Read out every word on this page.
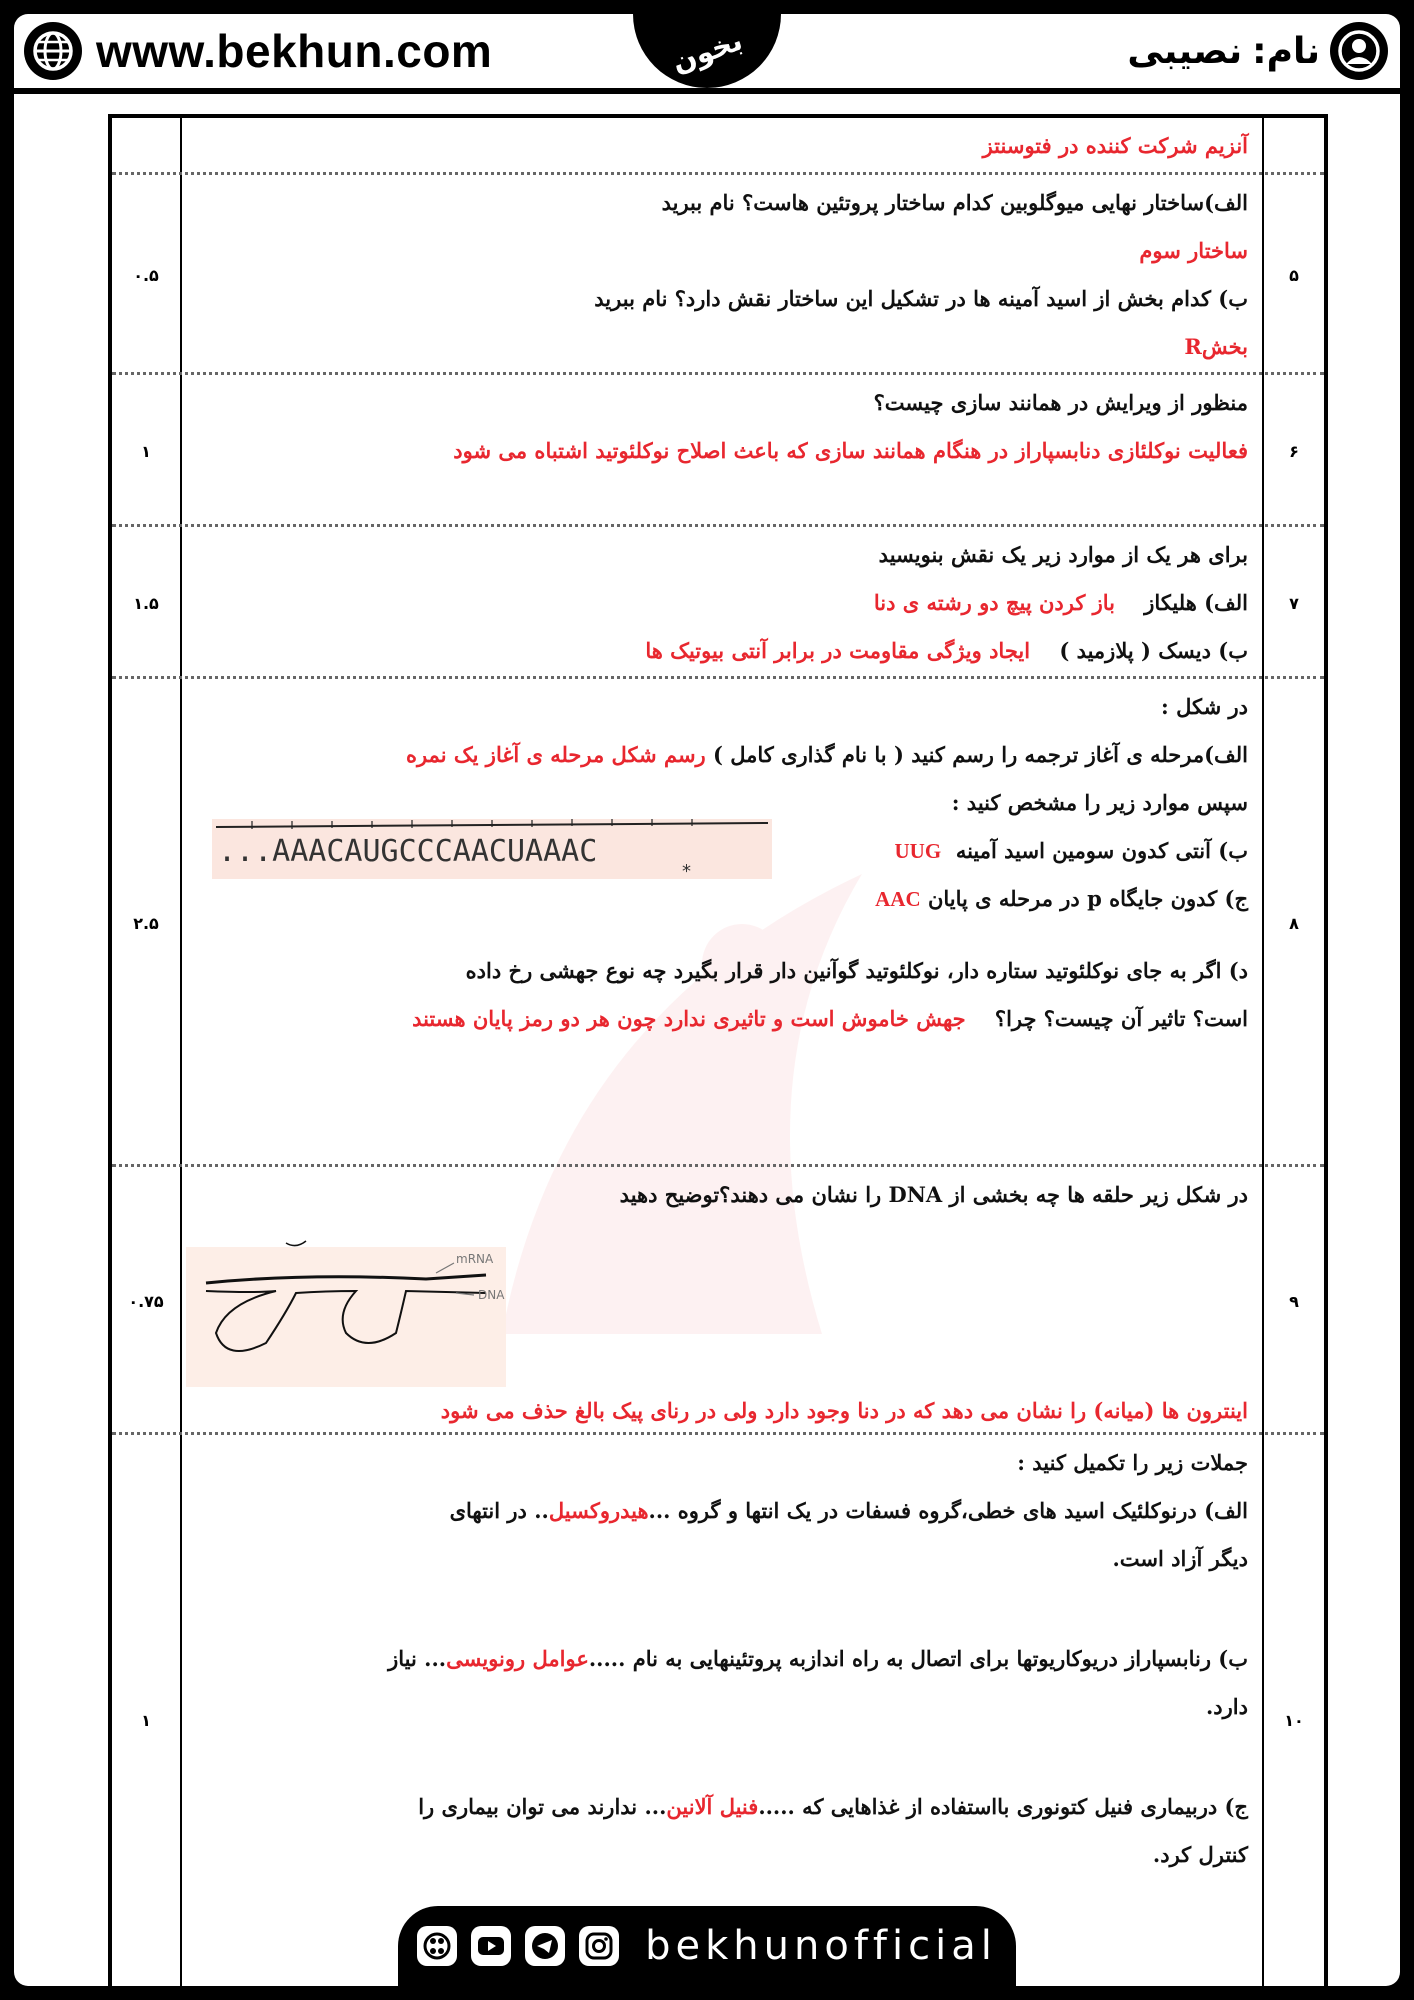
www.bekhun.com	بخون	نام:
نصیبی
آنزیم شرکت کننده در فتوسنتز
۵
۰.۵
الف)ساختار نهایی میوگلوبین کدام ساختار پروتئین هاست؟ نام ببرید
ساختار سوم
ب) کدام بخش از اسید آمینه ها در تشکیل این ساختار نقش دارد؟ نام ببرید
بخشR
۶
۱
منظور از ویرایش در همانند سازی چیست؟
فعالیت نوکلئازی دنابسپاراز در هنگام همانند سازی که باعث اصلاح نوکلئوتید اشتباه می شود
۷
۱.۵
برای هر یک از موارد زیر یک نقش بنویسید
الف) هلیکاز    باز کردن پیچ دو رشته ی دنا
ب) دیسک ( پلازمید )    ایجاد ویژگی مقاومت در برابر آنتی بیوتیک ها
۸
۲.۵
در شکل :
الف)مرحله ی آغاز ترجمه را رسم کنید ( با نام گذاری کامل ) رسم شکل مرحله ی آغاز یک نمره
سپس موارد زیر را مشخص کنید :
ب) آنتی کدون سومین اسید آمینه  UUG
ج) کدون جایگاه p در مرحله ی پایان AAC
د) اگر به جای نوکلئوتید ستاره دار، نوکلئوتید گوآنین دار قرار بگیرد چه نوع جهشی رخ داده
است؟ تاثیر آن چیست؟ چرا؟    جهش خاموش است و تاثیری ندارد چون هر دو رمز پایان هستند
...AAACAUGCCCAACUAAAC
*
۹
۰.۷۵
در شکل زیر حلقه ها چه بخشی از DNA را نشان می دهند؟توضیح دهید
اینترون ها (میانه) را نشان می دهد که در دنا وجود دارد ولی در رنای پیک بالغ حذف می شود
mRNA
DNA
۱۰
۱
جملات زیر را تکمیل کنید :
الف) درنوکلئیک اسید های خطی،گروه فسفات در یک انتها و گروه ...هیدروکسیل.. در انتهای
دیگر آزاد است.
ب) رنابسپاراز دریوکاریوتها برای اتصال به راه اندازبه پروتئینهایی به نام .....عوامل رونویسی... نیاز
دارد.
ج) دربیماری فنیل کتونوری بااستفاده از غذاهایی که .....فنیل آلانین... ندارند می توان بیماری را
کنترل کرد.
bekhunofficial
